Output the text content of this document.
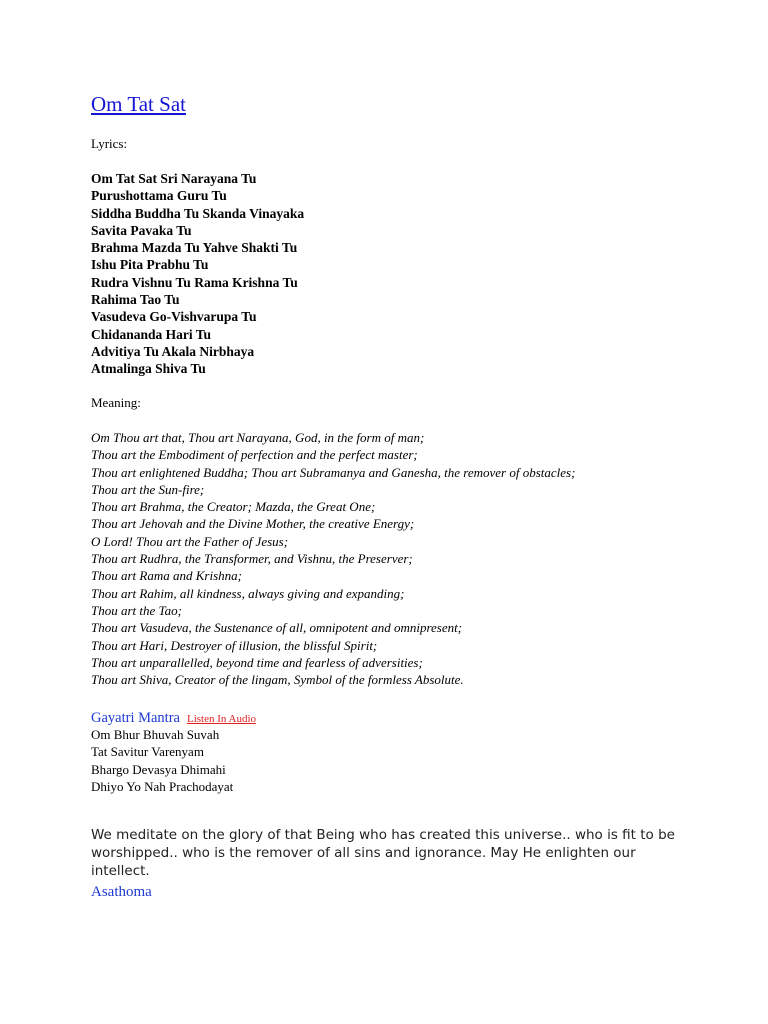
Om Tat Sat
Lyrics:
Om Tat Sat Sri Narayana Tu
Purushottama Guru Tu
Siddha Buddha Tu Skanda Vinayaka
Savita Pavaka Tu
Brahma Mazda Tu Yahve Shakti Tu
Ishu Pita Prabhu Tu
Rudra Vishnu Tu Rama Krishna Tu
Rahima Tao Tu
Vasudeva Go-Vishvarupa Tu
Chidananda Hari Tu
Advitiya Tu Akala Nirbhaya
Atmalinga Shiva Tu
Meaning:
Om Thou art that, Thou art Narayana, God, in the form of man;
Thou art the Embodiment of perfection and the perfect master;
Thou art enlightened Buddha; Thou art Subramanya and Ganesha, the remover of obstacles;
Thou art the Sun-fire;
Thou art Brahma, the Creator; Mazda, the Great One;
Thou art Jehovah and the Divine Mother, the creative Energy;
O Lord! Thou art the Father of Jesus;
Thou art Rudhra, the Transformer, and Vishnu, the Preserver;
Thou art Rama and Krishna;
Thou art Rahim, all kindness, always giving and expanding;
Thou art the Tao;
Thou art Vasudeva, the Sustenance of all, omnipotent and omnipresent;
Thou art Hari, Destroyer of illusion, the blissful Spirit;
Thou art unparallelled, beyond time and fearless of adversities;
Thou art Shiva, Creator of the lingam, Symbol of the formless Absolute.
Gayatri Mantra Listen In Audio
Om Bhur Bhuvah Suvah
Tat Savitur Varenyam
Bhargo Devasya Dhimahi
Dhiyo Yo Nah Prachodayat

We meditate on the glory of that Being who has created this universe.. who is fit to be worshipped.. who is the remover of all sins and ignorance. May He enlighten our intellect.

Asathoma
